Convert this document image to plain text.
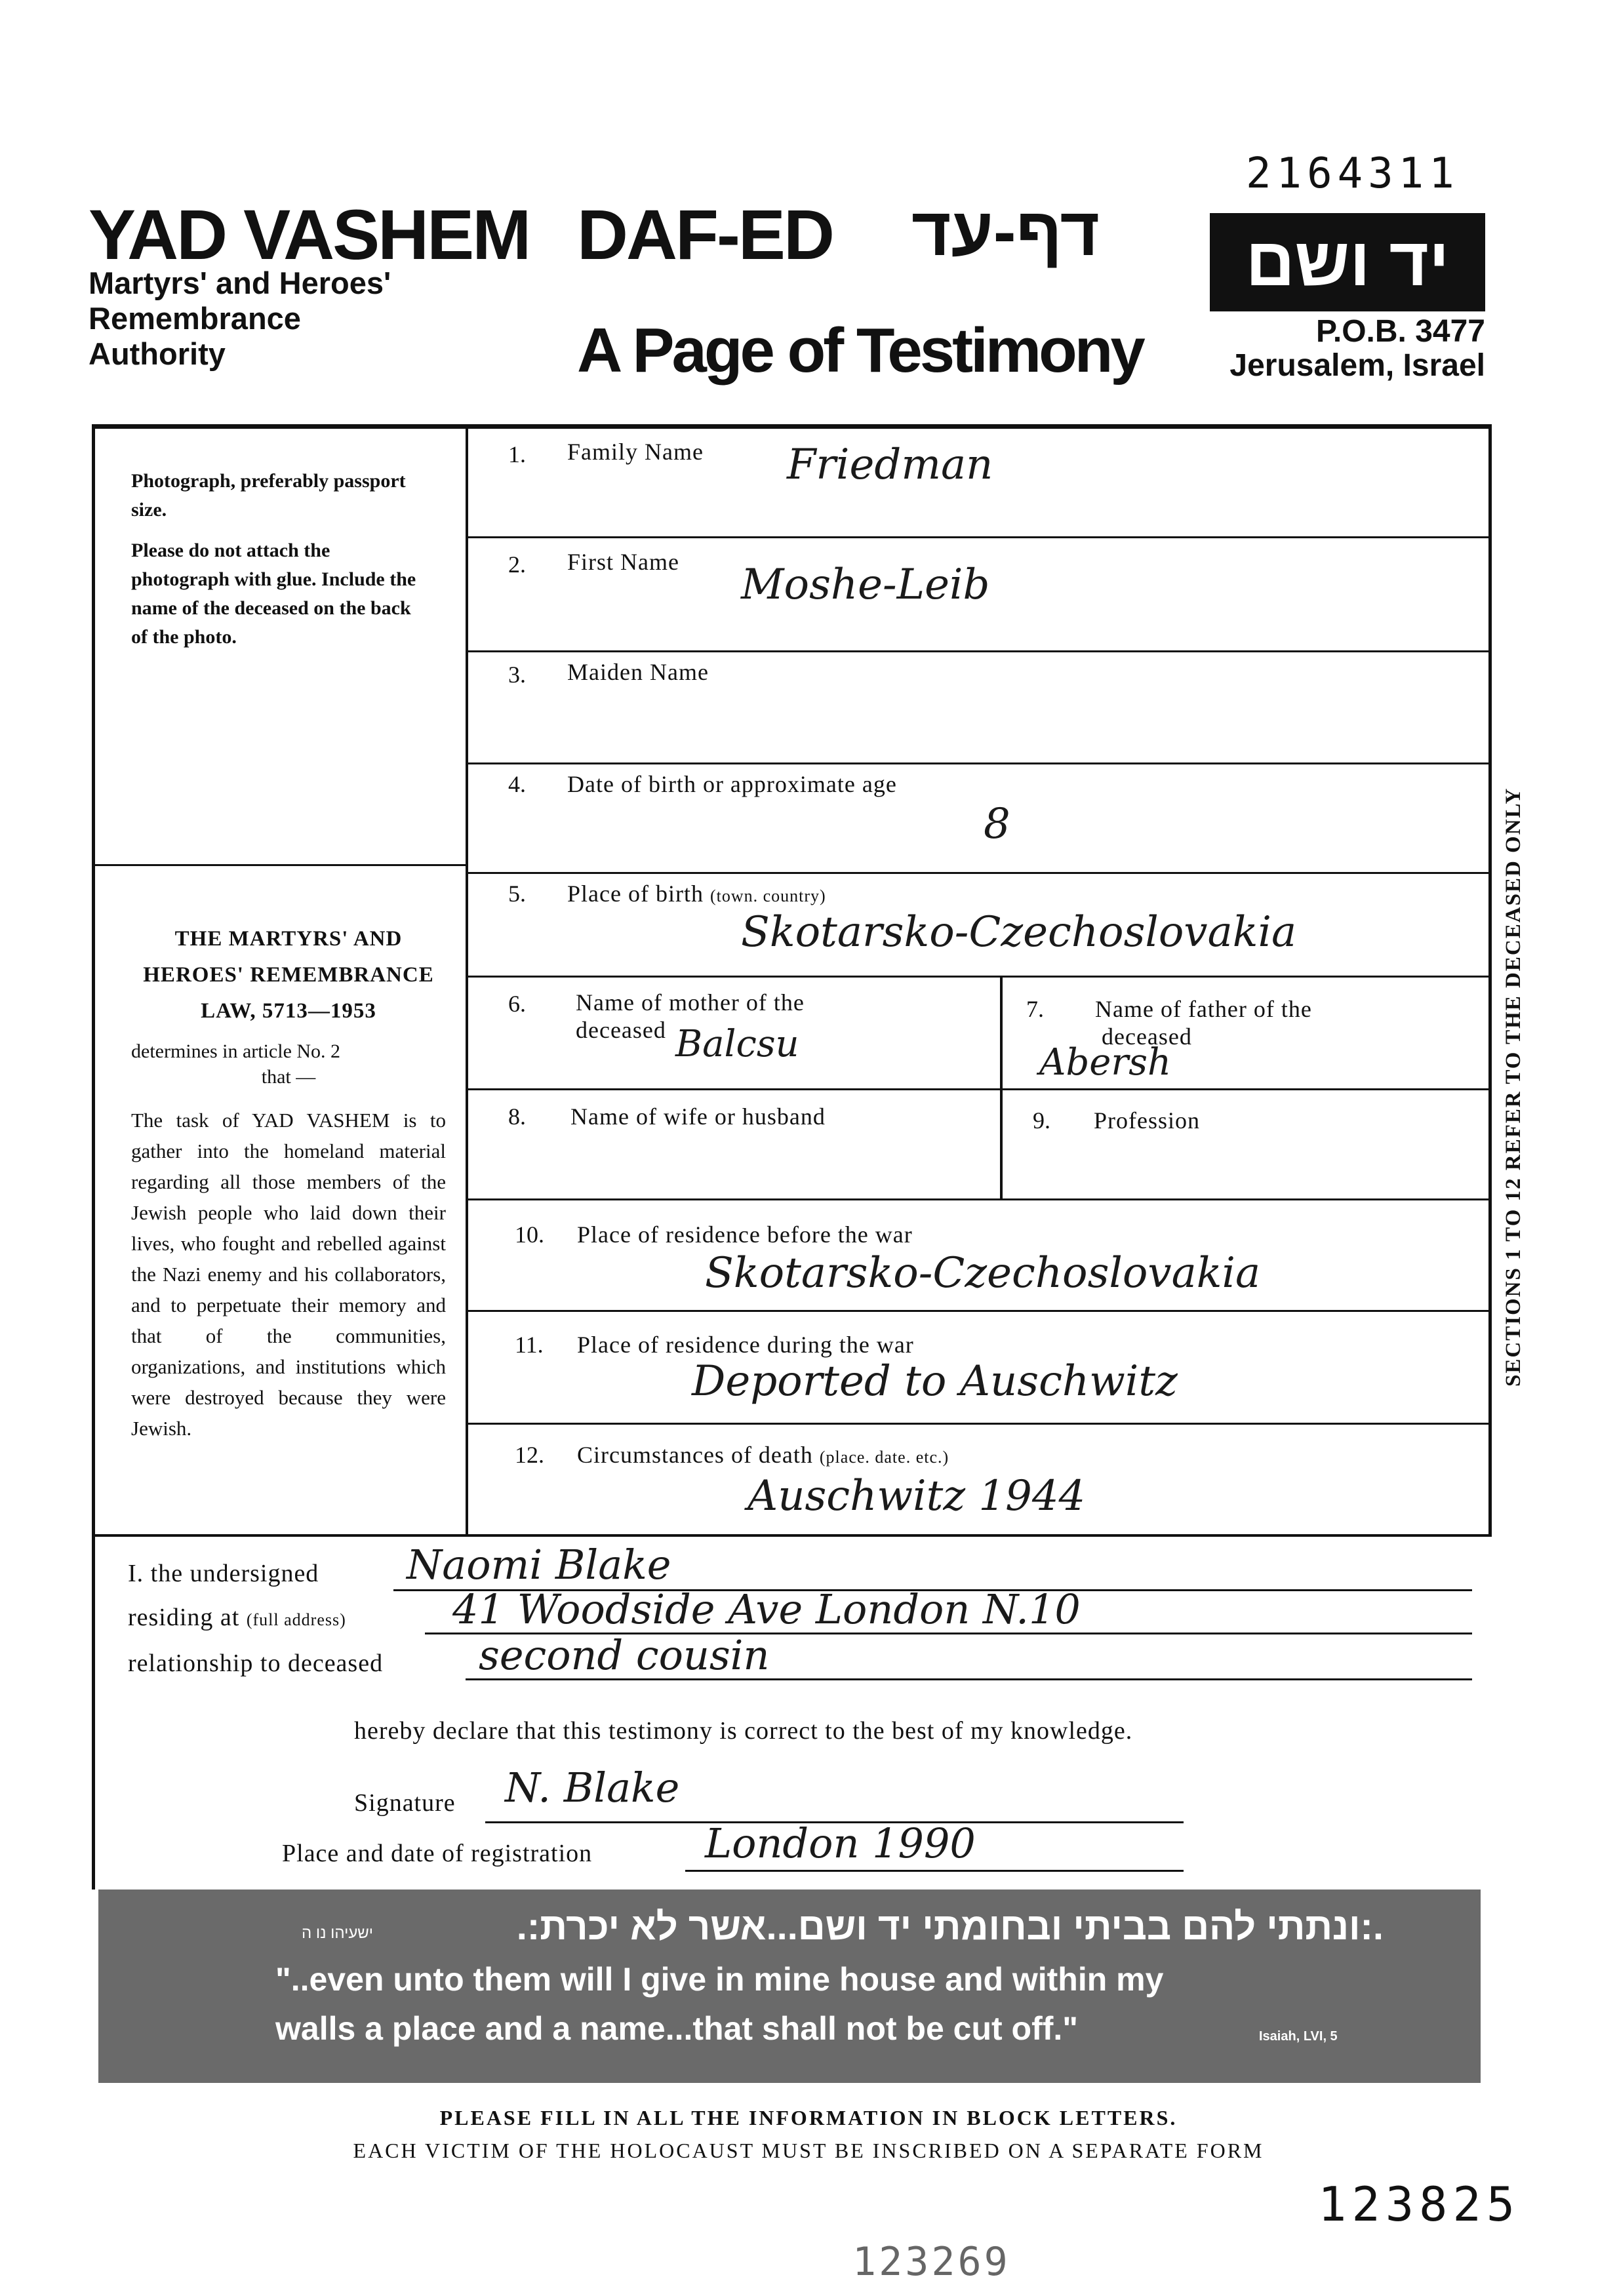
YAD VASHEM
Martyrs' and Heroes'
Remembrance
Authority
DAF-ED דף-עד
A Page of Testimony
2164311
יד ושם
P.O.B. 3477
Jerusalem, Israel

Photograph, preferably passport size.

Please do not attach the photograph with glue. Include the name of the deceased on the back of the photo.

THE MARTYRS' AND
HEROES' REMEMBRANCE
LAW, 5713—1953
determines in article No. 2
that —
The task of YAD VASHEM is to gather into the homeland material regarding all those members of the Jewish people who laid down their lives, who fought and rebelled against the Nazi enemy and his collaborators, and to perpetuate their memory and that of the communities, organizations, and institutions which were destroyed because they were Jewish.
1. Family Name Friedman
2. First Name Moshe-Leib
3. Maiden Name
4. Date of birth or approximate age
8
5. Place of birth (town. country)
Skotarsko-Czechoslovakia
6. Name of mother of the
deceased Balcsu
7. Name of father of the
deceased
Abersh
8. Name of wife or husband	9. Profession
10. Place of residence before the war
Skotarsko-Czechoslovakia
11. Place of residence during the war
Deported to Auschwitz
12. Circumstances of death (place. date. etc.)
Auschwitz 1944
I. the undersigned Naomi Blake
residing at (full address)	41 Woodside Ave London N.10
relationship to deceased second cousin
hereby declare that this testimony is correct to the best of my knowledge.
Signature N. Blake
Place and date of registration	London 1990
.:ונתתי להם בביתי ובחומתי יד ושם...אשר לא יכרת:.
ישעיהו נו ה
"..even unto them will I give in mine house and within my
walls a place and a name...that shall not be cut off."	Isaiah, LVI, 5
PLEASE FILL IN ALL THE INFORMATION IN BLOCK LETTERS.
EACH VICTIM OF THE HOLOCAUST MUST BE INSCRIBED ON A SEPARATE FORM
123825
123269
SECTIONS 1 TO 12 REFER TO THE DECEASED ONLY
